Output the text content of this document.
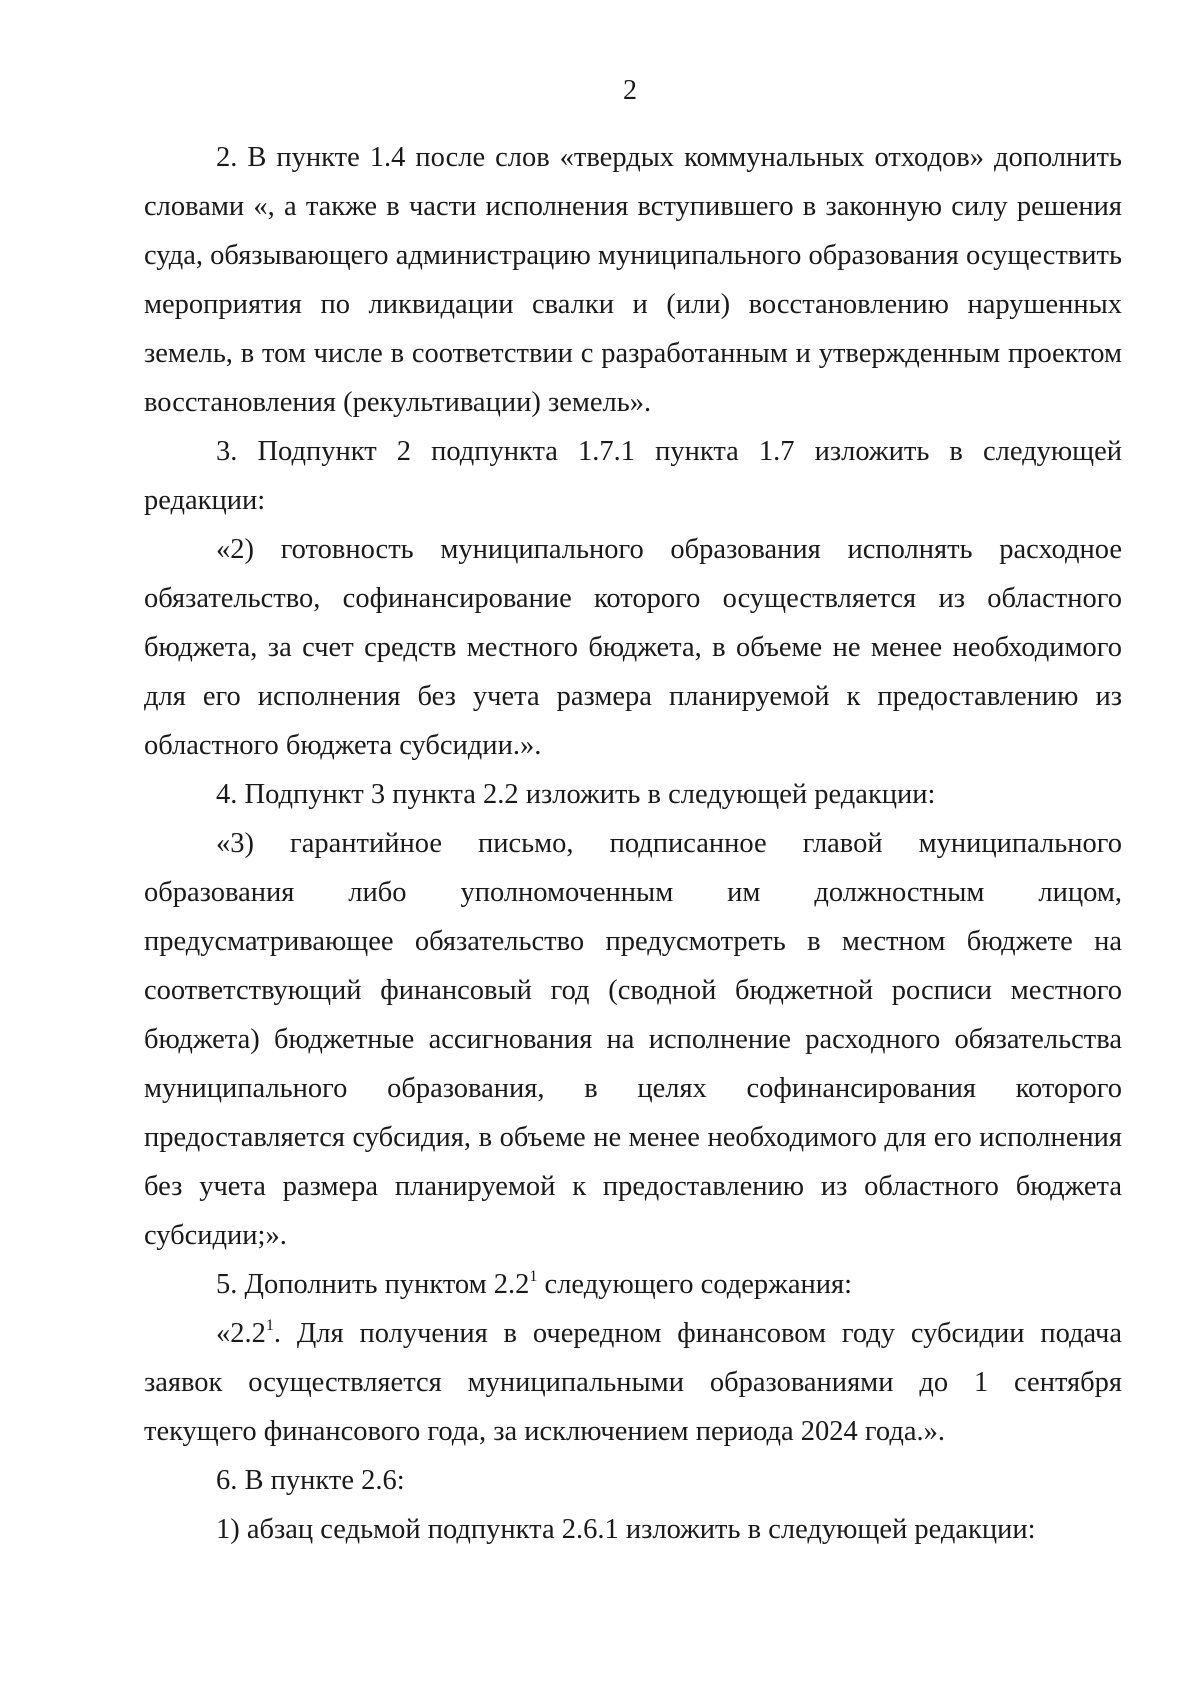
2

2. В пункте 1.4 после слов «твердых коммунальных отходов» дополнить словами «, а также в части исполнения вступившего в законную силу решения суда, обязывающего администрацию муниципального образования осуществить мероприятия по ликвидации свалки и (или) восстановлению нарушенных земель, в том числе в соответствии с разработанным и утвержденным проектом восстановления (рекультивации) земель».

3. Подпункт 2 подпункта 1.7.1 пункта 1.7 изложить в следующей редакции:

«2) готовность муниципального образования исполнять расходное обязательство, софинансирование которого осуществляется из областного бюджета, за счет средств местного бюджета, в объеме не менее необходимого для его исполнения без учета размера планируемой к предоставлению из областного бюджета субсидии.».

4. Подпункт 3 пункта 2.2 изложить в следующей редакции:

«3) гарантийное письмо, подписанное главой муниципального образования либо уполномоченным им должностным лицом, предусматривающее обязательство предусмотреть в местном бюджете на соответствующий финансовый год (сводной бюджетной росписи местного бюджета) бюджетные ассигнования на исполнение расходного обязательства муниципального образования, в целях софинансирования которого предоставляется субсидия, в объеме не менее необходимого для его исполнения без учета размера планируемой к предоставлению из областного бюджета субсидии;».

5. Дополнить пунктом $2.2^1$ следующего содержания:

«$2.2^1$. Для получения в очередном финансовом году субсидии подача заявок осуществляется муниципальными образованиями до 1 сентября текущего финансового года, за исключением периода 2024 года.».

6. В пункте 2.6:

1) абзац седьмой подпункта 2.6.1 изложить в следующей редакции:
